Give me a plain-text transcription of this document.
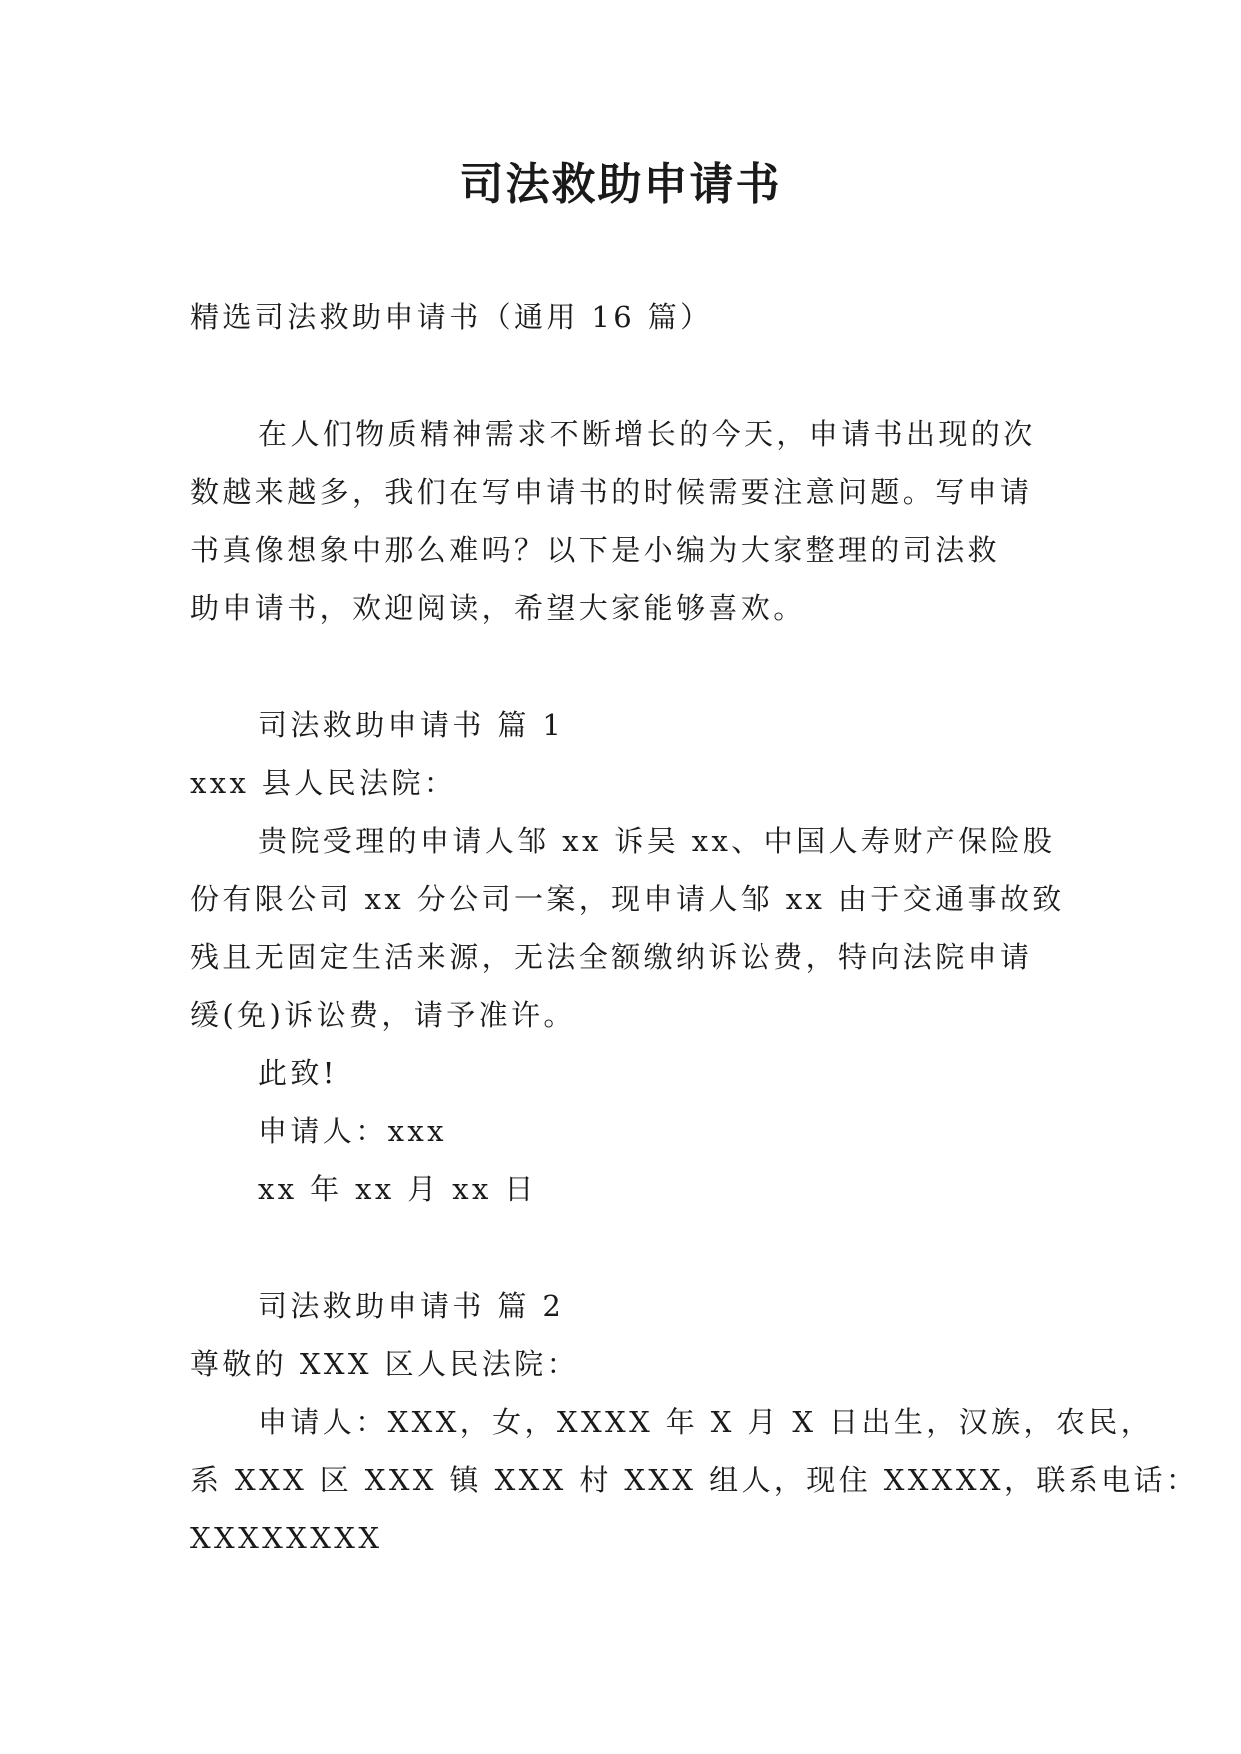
司法救助申请书

精选司法救助申请书（通用 16 篇）

在人们物质精神需求不断增长的今天，申请书出现的次

数越来越多，我们在写申请书的时候需要注意问题。写申请

书真像想象中那么难吗？以下是小编为大家整理的司法救

助申请书，欢迎阅读，希望大家能够喜欢。

司法救助申请书 篇 1

xxx 县人民法院：

贵院受理的申请人邹 xx 诉吴 xx、中国人寿财产保险股

份有限公司 xx 分公司一案，现申请人邹 xx 由于交通事故致

残且无固定生活来源，无法全额缴纳诉讼费，特向法院申请

缓(免)诉讼费，请予准许。

此致!

申请人：xxx

xx 年 xx 月 xx 日

司法救助申请书 篇 2

尊敬的 XXX 区人民法院：

申请人：XXX，女，XXXX 年 X 月 X 日出生，汉族，农民，

系 XXX 区 XXX 镇 XXX 村 XXX 组人，现住 XXXXX，联系电话：

XXXXXXXX
